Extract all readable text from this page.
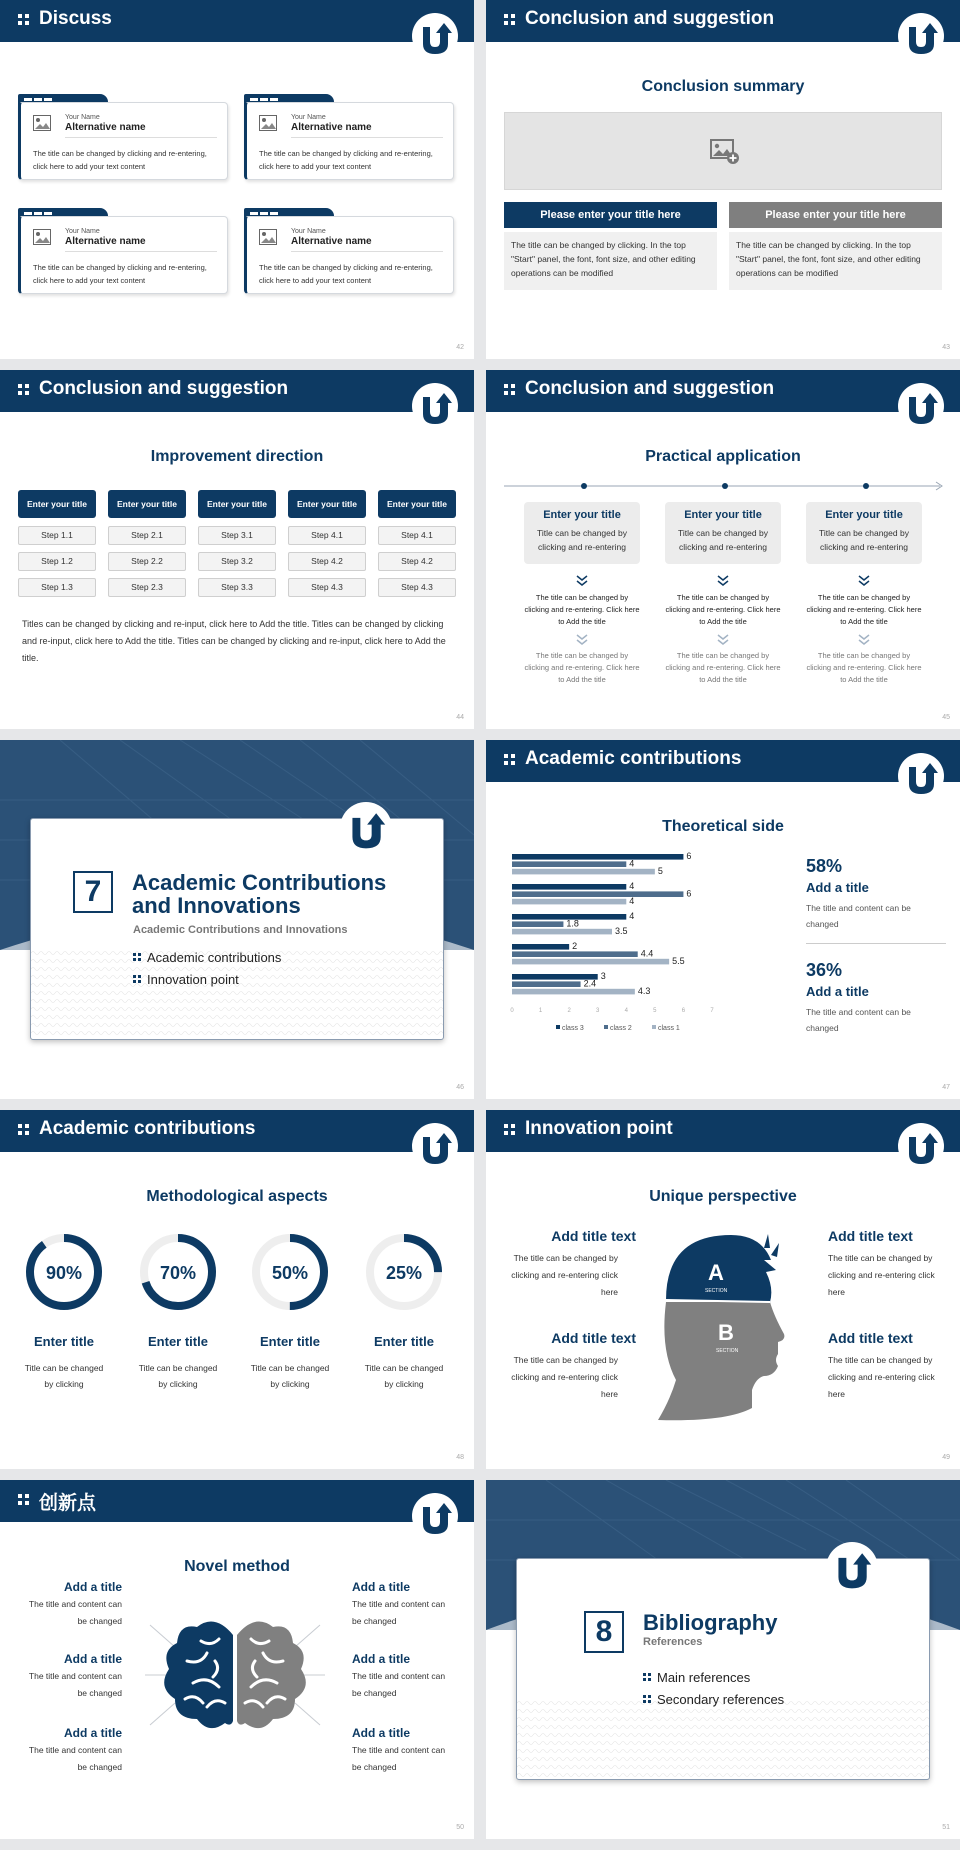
Discuss
Your Name
Alternative name
The title can be changed by clicking and re-entering, click here to add your text content
Your Name
Alternative name
The title can be changed by clicking and re-entering, click here to add your text content
Your Name
Alternative name
The title can be changed by clicking and re-entering, click here to add your text content
Your Name
Alternative name
The title can be changed by clicking and re-entering, click here to add your text content
42
Conclusion and suggestion
Conclusion summary
Please enter your title here
The title can be changed by clicking. In the top "Start" panel, the font, font size, and other editing operations can be modified
Please enter your title here
The title can be changed by clicking. In the top "Start" panel, the font, font size, and other editing operations can be modified
43
Conclusion and suggestion
Improvement direction
Enter your title
Step 1.1
Step 1.2
Step 1.3
Enter your title
Step 2.1
Step 2.2
Step 2.3
Enter your title
Step 3.1
Step 3.2
Step 3.3
Enter your title
Step 4.1
Step 4.2
Step 4.3
Enter your title
Step 4.1
Step 4.2
Step 4.3
Titles can be changed by clicking and re-input, click here to Add the title. Titles can be changed by clicking and re-input, click here to Add the title. Titles can be changed by clicking and re-input, click here to Add the title.
44
Conclusion and suggestion
Practical application
Enter your title
Title can be changed by clicking and re-entering
Enter your title
Title can be changed by clicking and re-entering
Enter your title
Title can be changed by clicking and re-entering
The title can be changed by clicking and re-entering. Click here to Add the title
The title can be changed by clicking and re-entering. Click here to Add the title
The title can be changed by clicking and re-entering. Click here to Add the title
The title can be changed by clicking and re-entering. Click here to Add the title
The title can be changed by clicking and re-entering. Click here to Add the title
The title can be changed by clicking and re-entering. Click here to Add the title
45
7	Academic Contributions
and Innovations
Academic Contributions and Innovations
Academic contributions
Innovation point
46
Academic contributions
Theoretical side
6
4
5
4
6
4
4
1.8
3.5
2
4.4
5.5
3
2.4
4.3
0	1	2	3	4	5	6	7
class 3	class 2	class 1
58%
Add a title
The title and content can be changed
36%
Add a title
The title and content can be changed
47
Academic contributions
Methodological aspects
48
90%
Enter title
Title can be changed by clicking
70%
Enter title
Title can be changed by clicking
50%
Enter title
Title can be changed by clicking
25%
Enter title
Title can be changed by clicking
Innovation point
Unique perspective
A
SECTION
B
SECTION
Add title text
The title can be changed by clicking and re-entering click here
Add title text
The title can be changed by clicking and re-entering click here
Add title text
The title can be changed by clicking and re-entering click here
Add title text
The title can be changed by clicking and re-entering click here
49
创新点
Novel method
Add a title
The title and content can be changed
Add a title
The title and content can be changed
Add a title
The title and content can be changed
Add a title
The title and content can be changed
Add a title
The title and content can be changed
Add a title
The title and content can be changed
50
8	Bibliography
References
Main references
Secondary references
51
